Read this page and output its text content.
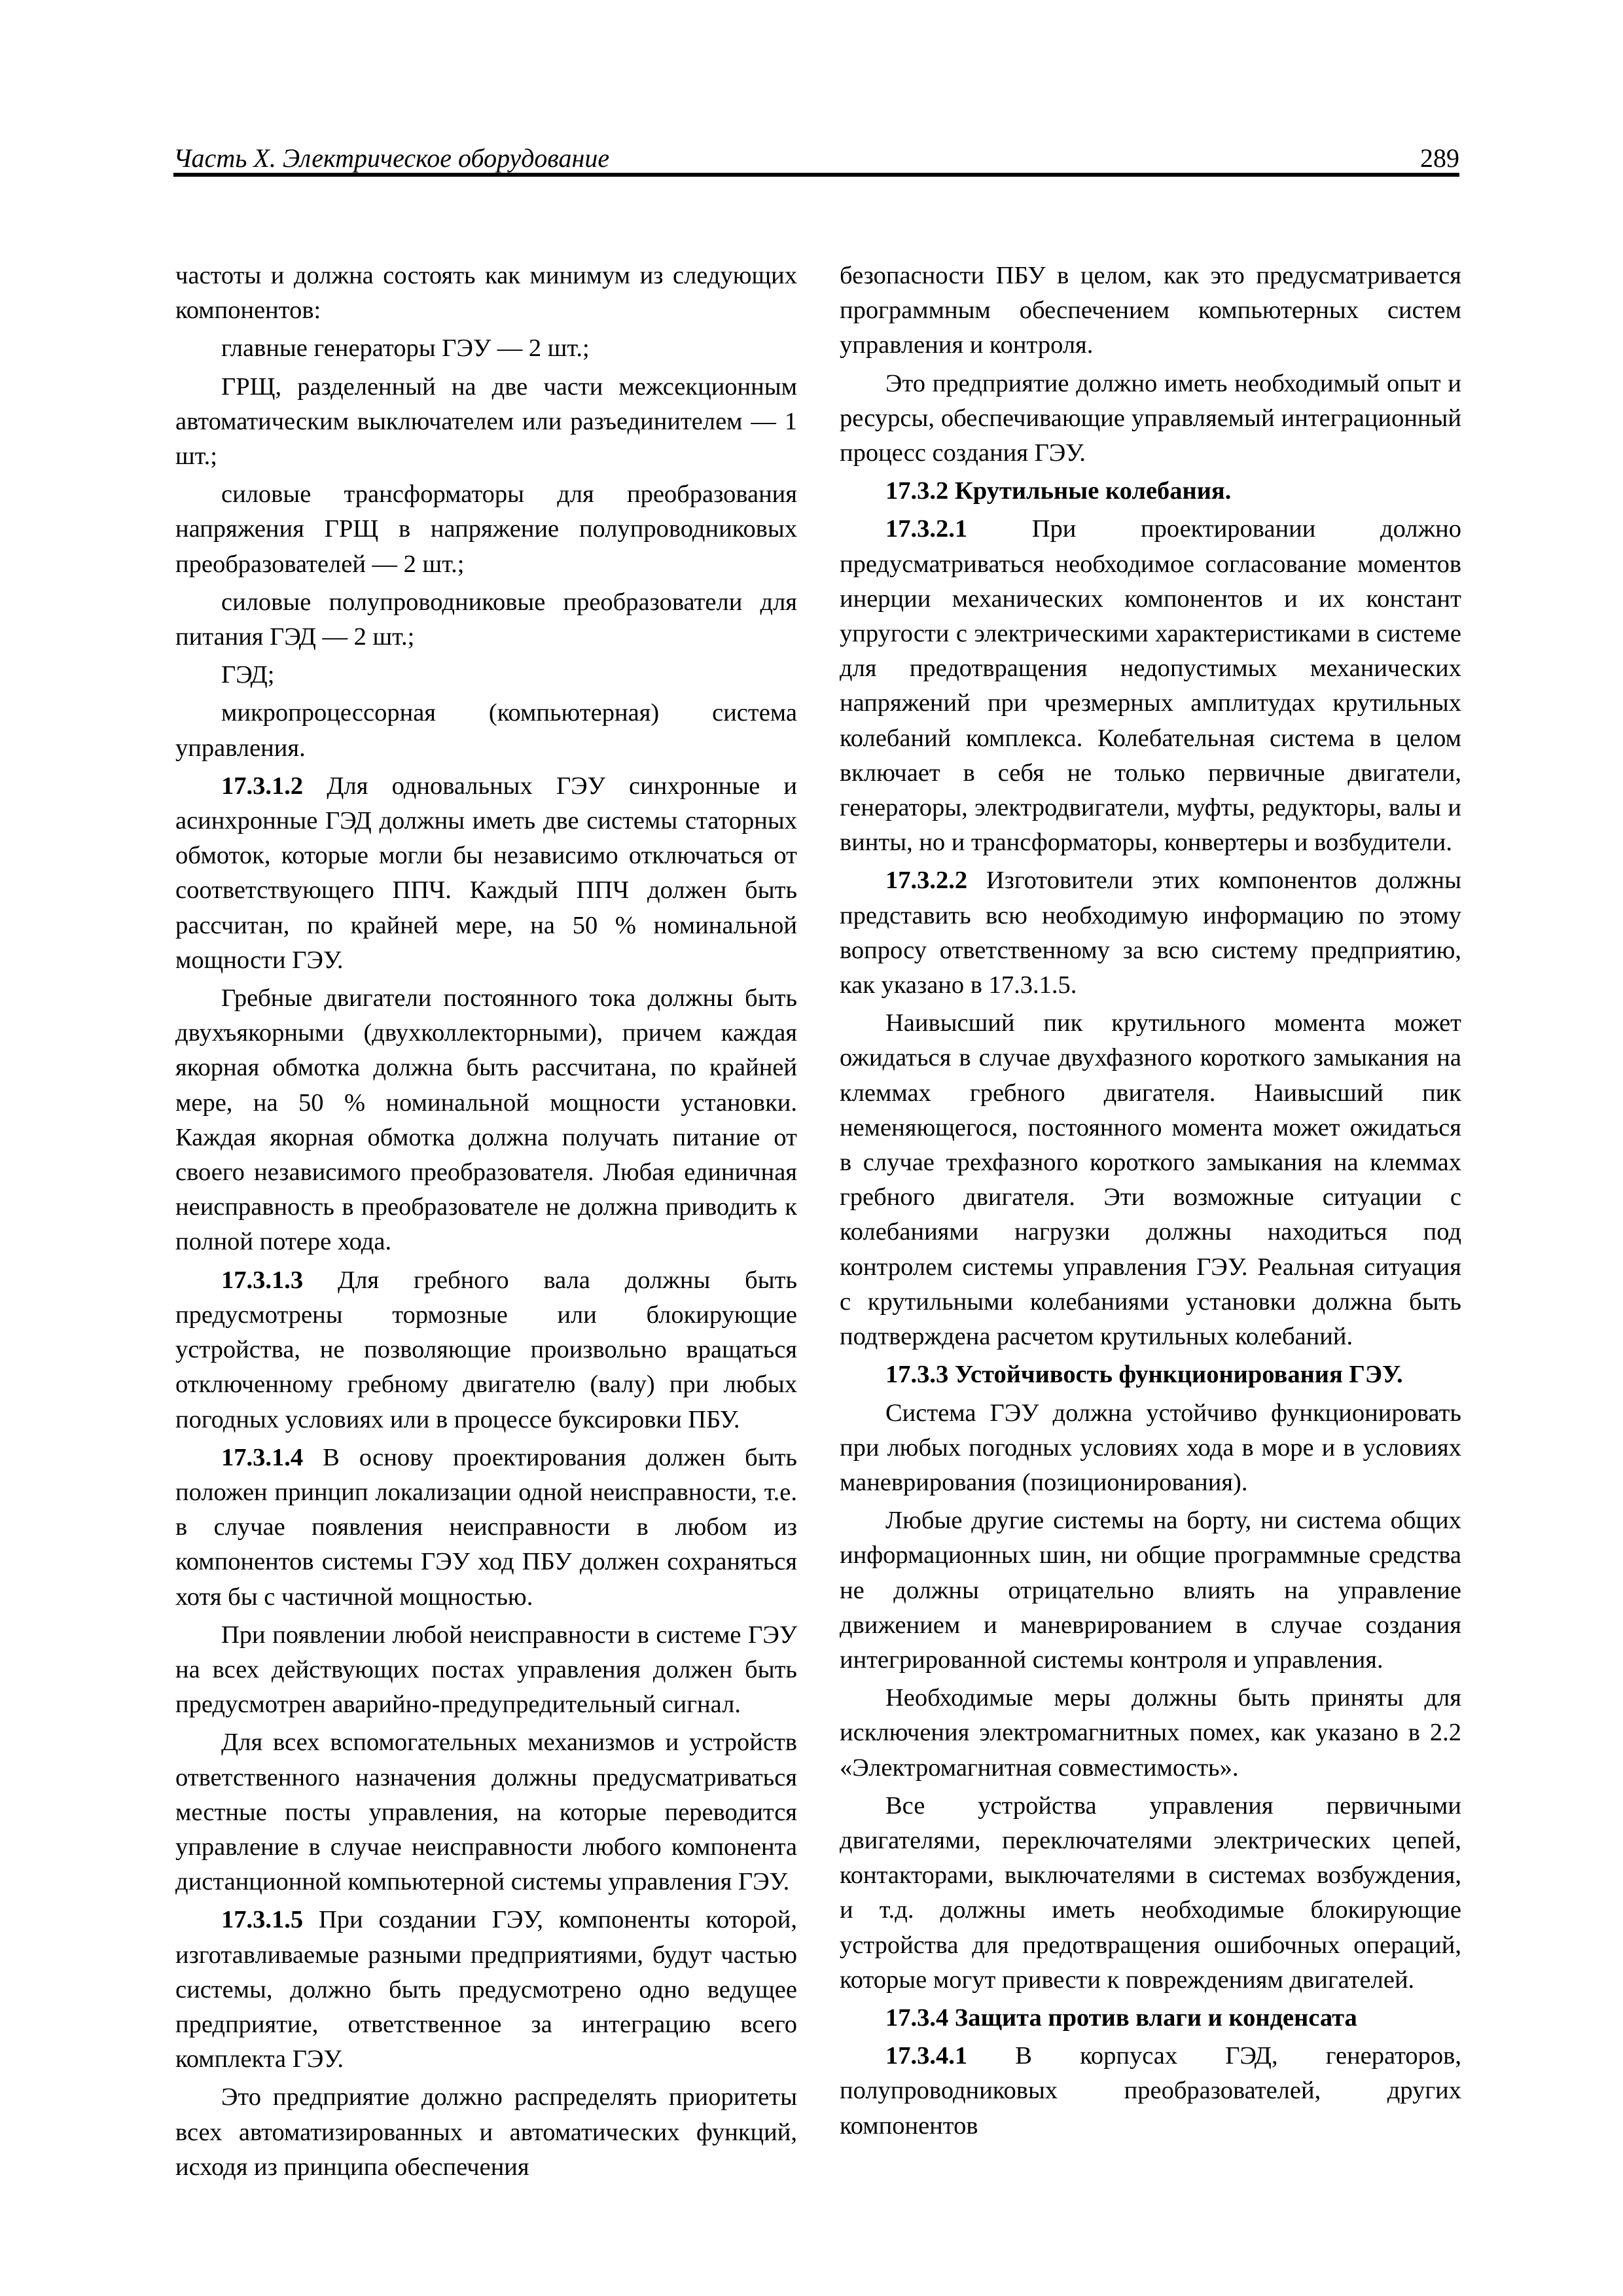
Часть X. Электрическое оборудование	289

частоты и должна состоять как минимум из следующих компонентов:

главные генераторы ГЭУ — 2 шт.;

ГРЩ, разделенный на две части межсекционным автоматическим выключателем или разъединителем — 1 шт.;

силовые трансформаторы для преобразования напряжения ГРЩ в напряжение полупроводниковых преобразователей — 2 шт.;

силовые полупроводниковые преобразователи для питания ГЭД — 2 шт.;

ГЭД;

микропроцессорная (компьютерная) система управления.

17.3.1.2 Для одновальных ГЭУ синхронные и асинхронные ГЭД должны иметь две системы статорных обмоток, которые могли бы независимо отключаться от соответствующего ППЧ. Каждый ППЧ должен быть рассчитан, по крайней мере, на 50 % номинальной мощности ГЭУ.

Гребные двигатели постоянного тока должны быть двухъякорными (двухколлекторными), причем каждая якорная обмотка должна быть рассчитана, по крайней мере, на 50 % номинальной мощности установки. Каждая якорная обмотка должна получать питание от своего независимого преобразователя. Любая единичная неисправность в преобразователе не должна приводить к полной потере хода.

17.3.1.3 Для гребного вала должны быть предусмотрены тормозные или блокирующие устройства, не позволяющие произвольно вращаться отключенному гребному двигателю (валу) при любых погодных условиях или в процессе буксировки ПБУ.

17.3.1.4 В основу проектирования должен быть положен принцип локализации одной неисправности, т.е. в случае появления неисправности в любом из компонентов системы ГЭУ ход ПБУ должен сохраняться хотя бы с частичной мощностью.

При появлении любой неисправности в системе ГЭУ на всех действующих постах управления должен быть предусмотрен аварийно-предупредительный сигнал.

Для всех вспомогательных механизмов и устройств ответственного назначения должны предусматриваться местные посты управления, на которые переводится управление в случае неисправности любого компонента дистанционной компьютерной системы управления ГЭУ.

17.3.1.5 При создании ГЭУ, компоненты которой, изготавливаемые разными предприятиями, будут частью системы, должно быть предусмотрено одно ведущее предприятие, ответственное за интеграцию всего комплекта ГЭУ.

Это предприятие должно распределять приоритеты всех автоматизированных и автоматических функций, исходя из принципа обеспечения

безопасности ПБУ в целом, как это предусматривается программным обеспечением компьютерных систем управления и контроля.

Это предприятие должно иметь необходимый опыт и ресурсы, обеспечивающие управляемый интеграционный процесс создания ГЭУ.

17.3.2 Крутильные колебания.

17.3.2.1 При проектировании должно предусматриваться необходимое согласование моментов инерции механических компонентов и их констант упругости с электрическими характеристиками в системе для предотвращения недопустимых механических напряжений при чрезмерных амплитудах крутильных колебаний комплекса. Колебательная система в целом включает в себя не только первичные двигатели, генераторы, электродвигатели, муфты, редукторы, валы и винты, но и трансформаторы, конвертеры и возбудители.

17.3.2.2 Изготовители этих компонентов должны представить всю необходимую информацию по этому вопросу ответственному за всю систему предприятию, как указано в 17.3.1.5.

Наивысший пик крутильного момента может ожидаться в случае двухфазного короткого замыкания на клеммах гребного двигателя. Наивысший пик неменяющегося, постоянного момента может ожидаться в случае трехфазного короткого замыкания на клеммах гребного двигателя. Эти возможные ситуации с колебаниями нагрузки должны находиться под контролем системы управления ГЭУ. Реальная ситуация с крутильными колебаниями установки должна быть подтверждена расчетом крутильных колебаний.

17.3.3 Устойчивость функционирования ГЭУ.

Система ГЭУ должна устойчиво функционировать при любых погодных условиях хода в море и в условиях маневрирования (позиционирования).

Любые другие системы на борту, ни система общих информационных шин, ни общие программные средства не должны отрицательно влиять на управление движением и маневрированием в случае создания интегрированной системы контроля и управления.

Необходимые меры должны быть приняты для исключения электромагнитных помех, как указано в 2.2 «Электромагнитная совместимость».

Все устройства управления первичными двигателями, переключателями электрических цепей, контакторами, выключателями в системах возбуждения, и т.д. должны иметь необходимые блокирующие устройства для предотвращения ошибочных операций, которые могут привести к повреждениям двигателей.

17.3.4 Защита против влаги и конденсата

17.3.4.1 В корпусах ГЭД, генераторов, полупроводниковых преобразователей, других компонентов
